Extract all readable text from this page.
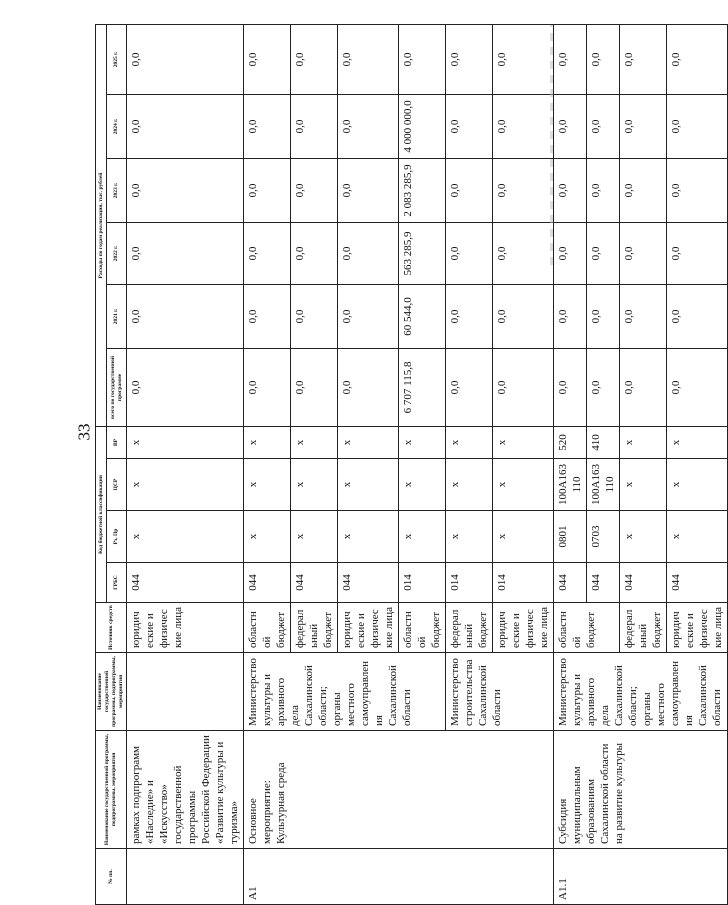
33
№ пп.	Наименование государственной программы, подпрограммы, мероприятия	Наименование государственной программы, подпрограммы, мероприятия	Источник средств	Код бюджетной классификации				Расходы по годам реализации, тыс. рублей					
				ГРБС	Рз, Пр	ЦСР	ВР	всего по государственной программе	2021 г.	2022 г.	2023 г.	2024 г.	2025 г.
	рамках подпрограмм «Наследие» и «Искусство» государственной программы Российской Федерации «Развитие культуры и туризма»		юридические и физические лица	044	х	х	х	0,0	0,0	0,0	0,0	0,0	0,0
А1	Основное мероприятие: Культурная среда	Министерство культуры и архивного дела Сахалинской области; органы местного самоуправления Сахалинской области	областной бюджет	044	х	х	х	0,0	0,0	0,0	0,0	0,0	0,0
			федеральный бюджет	044	х	х	х	0,0	0,0	0,0	0,0	0,0	0,0
			юридические и физические лица	044	х	х	х	0,0	0,0	0,0	0,0	0,0	0,0
			областной бюджет	014	х	х	х	6 707 115,8	60 544,0	563 285,9	2 083 285,9	4 000 000,0	0,0
		Министерство строительства Сахалинской области	федеральный бюджет	014	х	х	х	0,0	0,0	0,0	0,0	0,0	0,0
			юридические и физические лица	014	х	х	х	0,0	0,0	0,0	0,0	0,0	0,0
А1.1	Субсидия муниципальным образованиям Сахалинской области на развитие культуры	Министерство культуры и архивного дела Сахалинской области; органы местного самоуправления Сахалинской области	областной бюджет	044	0801	100A163 110	520	0,0	0,0	0,0	0,0	0,0	0,0
				044	0703	100A163 110	410	0,0	0,0	0,0	0,0	0,0	0,0
			федеральный бюджет	044	х	х	х	0,0	0,0	0,0	0,0	0,0	0,0
			юридические и физические лица	044	х	х	х	0,0	0,0	0,0	0,0	0,0	0,0
